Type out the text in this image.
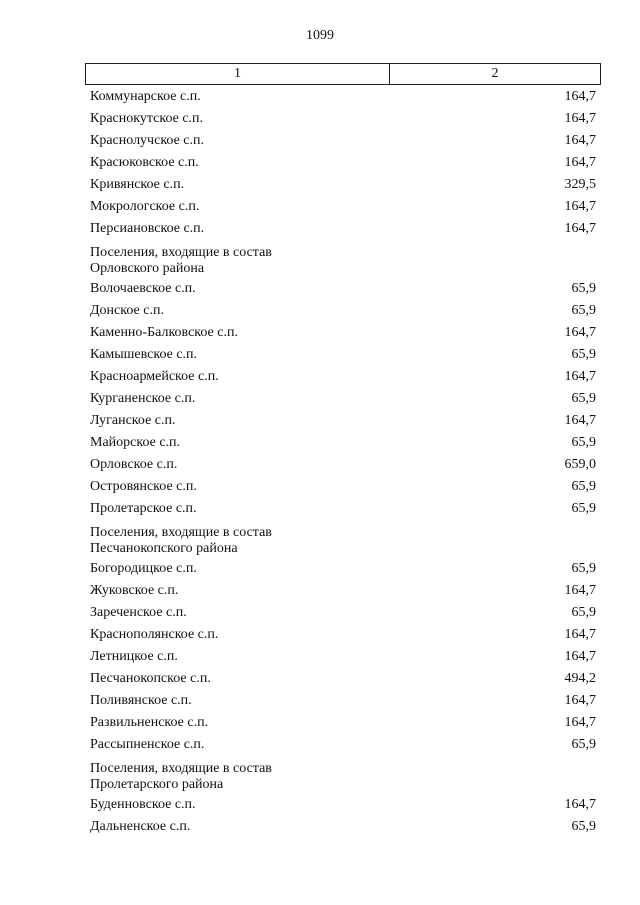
1099
1	2
Коммунарское с.п.	164,7
Краснокутское с.п.	164,7
Краснолучское с.п.	164,7
Красюковское с.п.	164,7
Кривянское с.п.	329,5
Мокрологское с.п.	164,7
Персиановское с.п.	164,7
Поселения, входящие в состав
Орловского района
Волочаевское с.п.	65,9
Донское с.п.	65,9
Каменно-Балковское с.п.	164,7
Камышевское с.п.	65,9
Красноармейское с.п.	164,7
Курганенское с.п.	65,9
Луганское с.п.	164,7
Майорское с.п.	65,9
Орловское с.п.	659,0
Островянское с.п.	65,9
Пролетарское с.п.	65,9
Поселения, входящие в состав
Песчанокопского района
Богородицкое с.п.	65,9
Жуковское с.п.	164,7
Зареченское с.п.	65,9
Краснополянское с.п.	164,7
Летницкое с.п.	164,7
Песчанокопское с.п.	494,2
Поливянское с.п.	164,7
Развильненское с.п.	164,7
Рассыпненское с.п.	65,9
Поселения, входящие в состав
Пролетарского района
Буденновское с.п.	164,7
Дальненское с.п.	65,9
